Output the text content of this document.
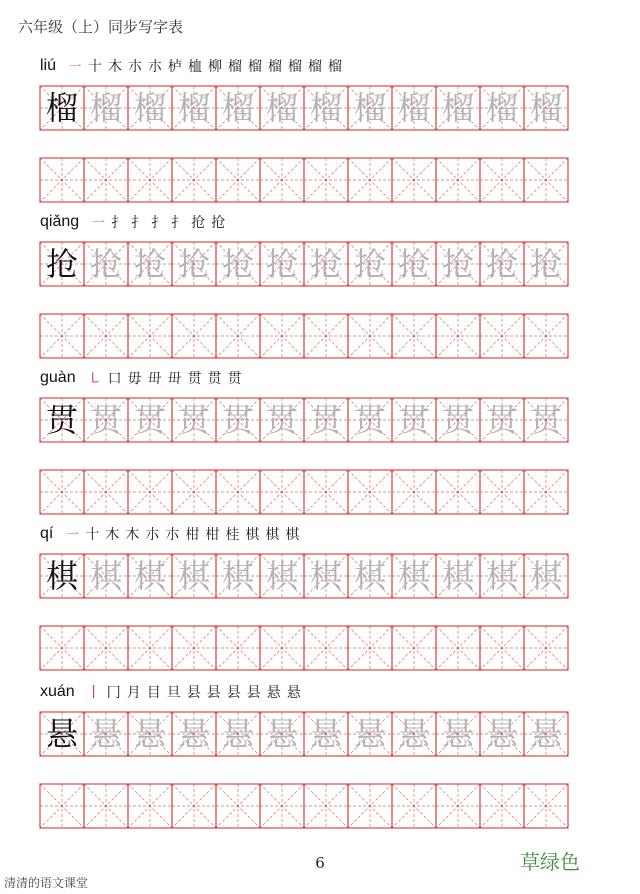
六年级（上）同步写字表
liú ㇐ 十 木 朩 朩 栌 桖 柳 榴 榴 榴 榴 榴 榴
榴 榴 榴 榴 榴 榴 榴 榴 榴 榴 榴 榴
qiǎng ㇐ 扌 扌 扌 扌 抢 抢
抢 抢 抢 抢 抢 抢 抢 抢 抢 抢 抢 抢
guàn ㇄ 口 毋 毌 毌 贯 贯 贯
贯 贯 贯 贯 贯 贯 贯 贯 贯 贯 贯 贯
qí ㇐ 十 木 木 朩 朩 柑 柑 桂 棋 棋 棋
棋 棋 棋 棋 棋 棋 棋 棋 棋 棋 棋 棋
xuán 丨 冂 月 目 旦 县 县 县 县 悬 悬
悬 悬 悬 悬 悬 悬 悬 悬 悬 悬 悬 悬
6	草绿色
清清的语文课堂
